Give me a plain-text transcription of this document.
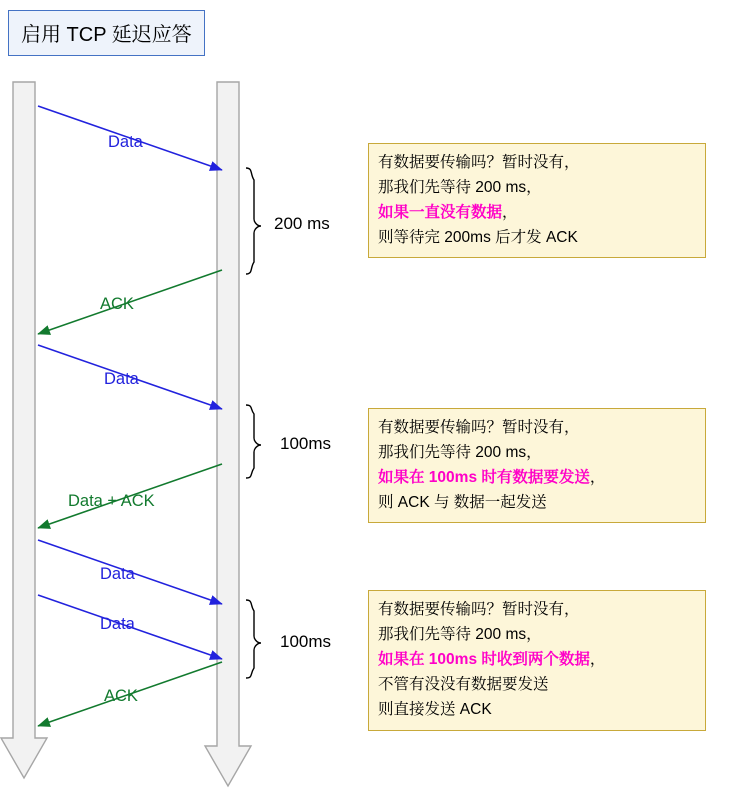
启用 TCP 延迟应答
Data
ACK
Data
Data + ACK
Data
Data
ACK
200 ms
100ms
100ms
有数据要传输吗？暂时没有，
那我们先等待 200 ms，
如果一直没有数据，
则等待完 200ms 后才发 ACK
有数据要传输吗？暂时没有，
那我们先等待 200 ms，
如果在 100ms 时有数据要发送，
则 ACK 与 数据一起发送
有数据要传输吗？暂时没有，
那我们先等待 200 ms，
如果在 100ms 时收到两个数据，
不管有没没有数据要发送
则直接发送 ACK
